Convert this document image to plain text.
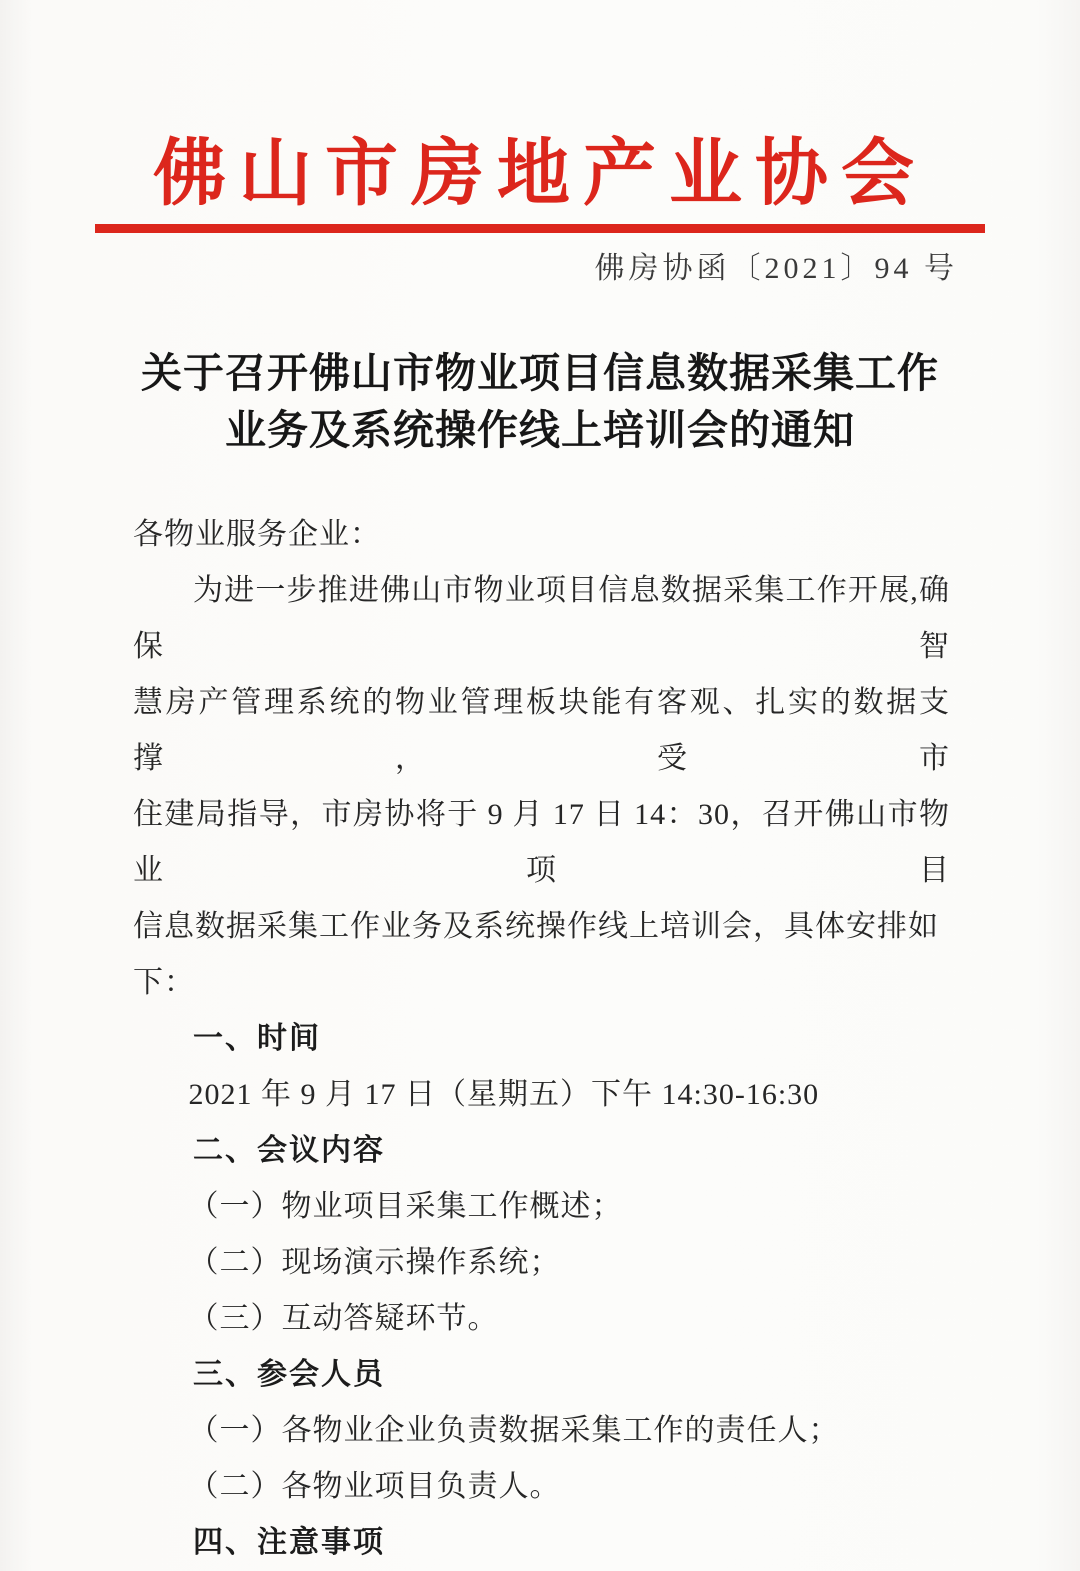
佛山市房地产业协会
佛房协函〔2021〕94 号
关于召开佛山市物业项目信息数据采集工作
业务及系统操作线上培训会的通知
各物业服务企业：
为进一步推进佛山市物业项目信息数据采集工作开展,确保智
慧房产管理系统的物业管理板块能有客观、扎实的数据支撑，受市
住建局指导，市房协将于 9 月 17 日 14：30，召开佛山市物业项目
信息数据采集工作业务及系统操作线上培训会，具体安排如下：
一、时间
2021 年 9 月 17 日（星期五）下午 14:30-16:30
二、会议内容
（一）物业项目采集工作概述；
（二）现场演示操作系统；
（三）互动答疑环节。
三、参会人员
（一）各物业企业负责数据采集工作的责任人；
（二）各物业项目负责人。
四、注意事项
